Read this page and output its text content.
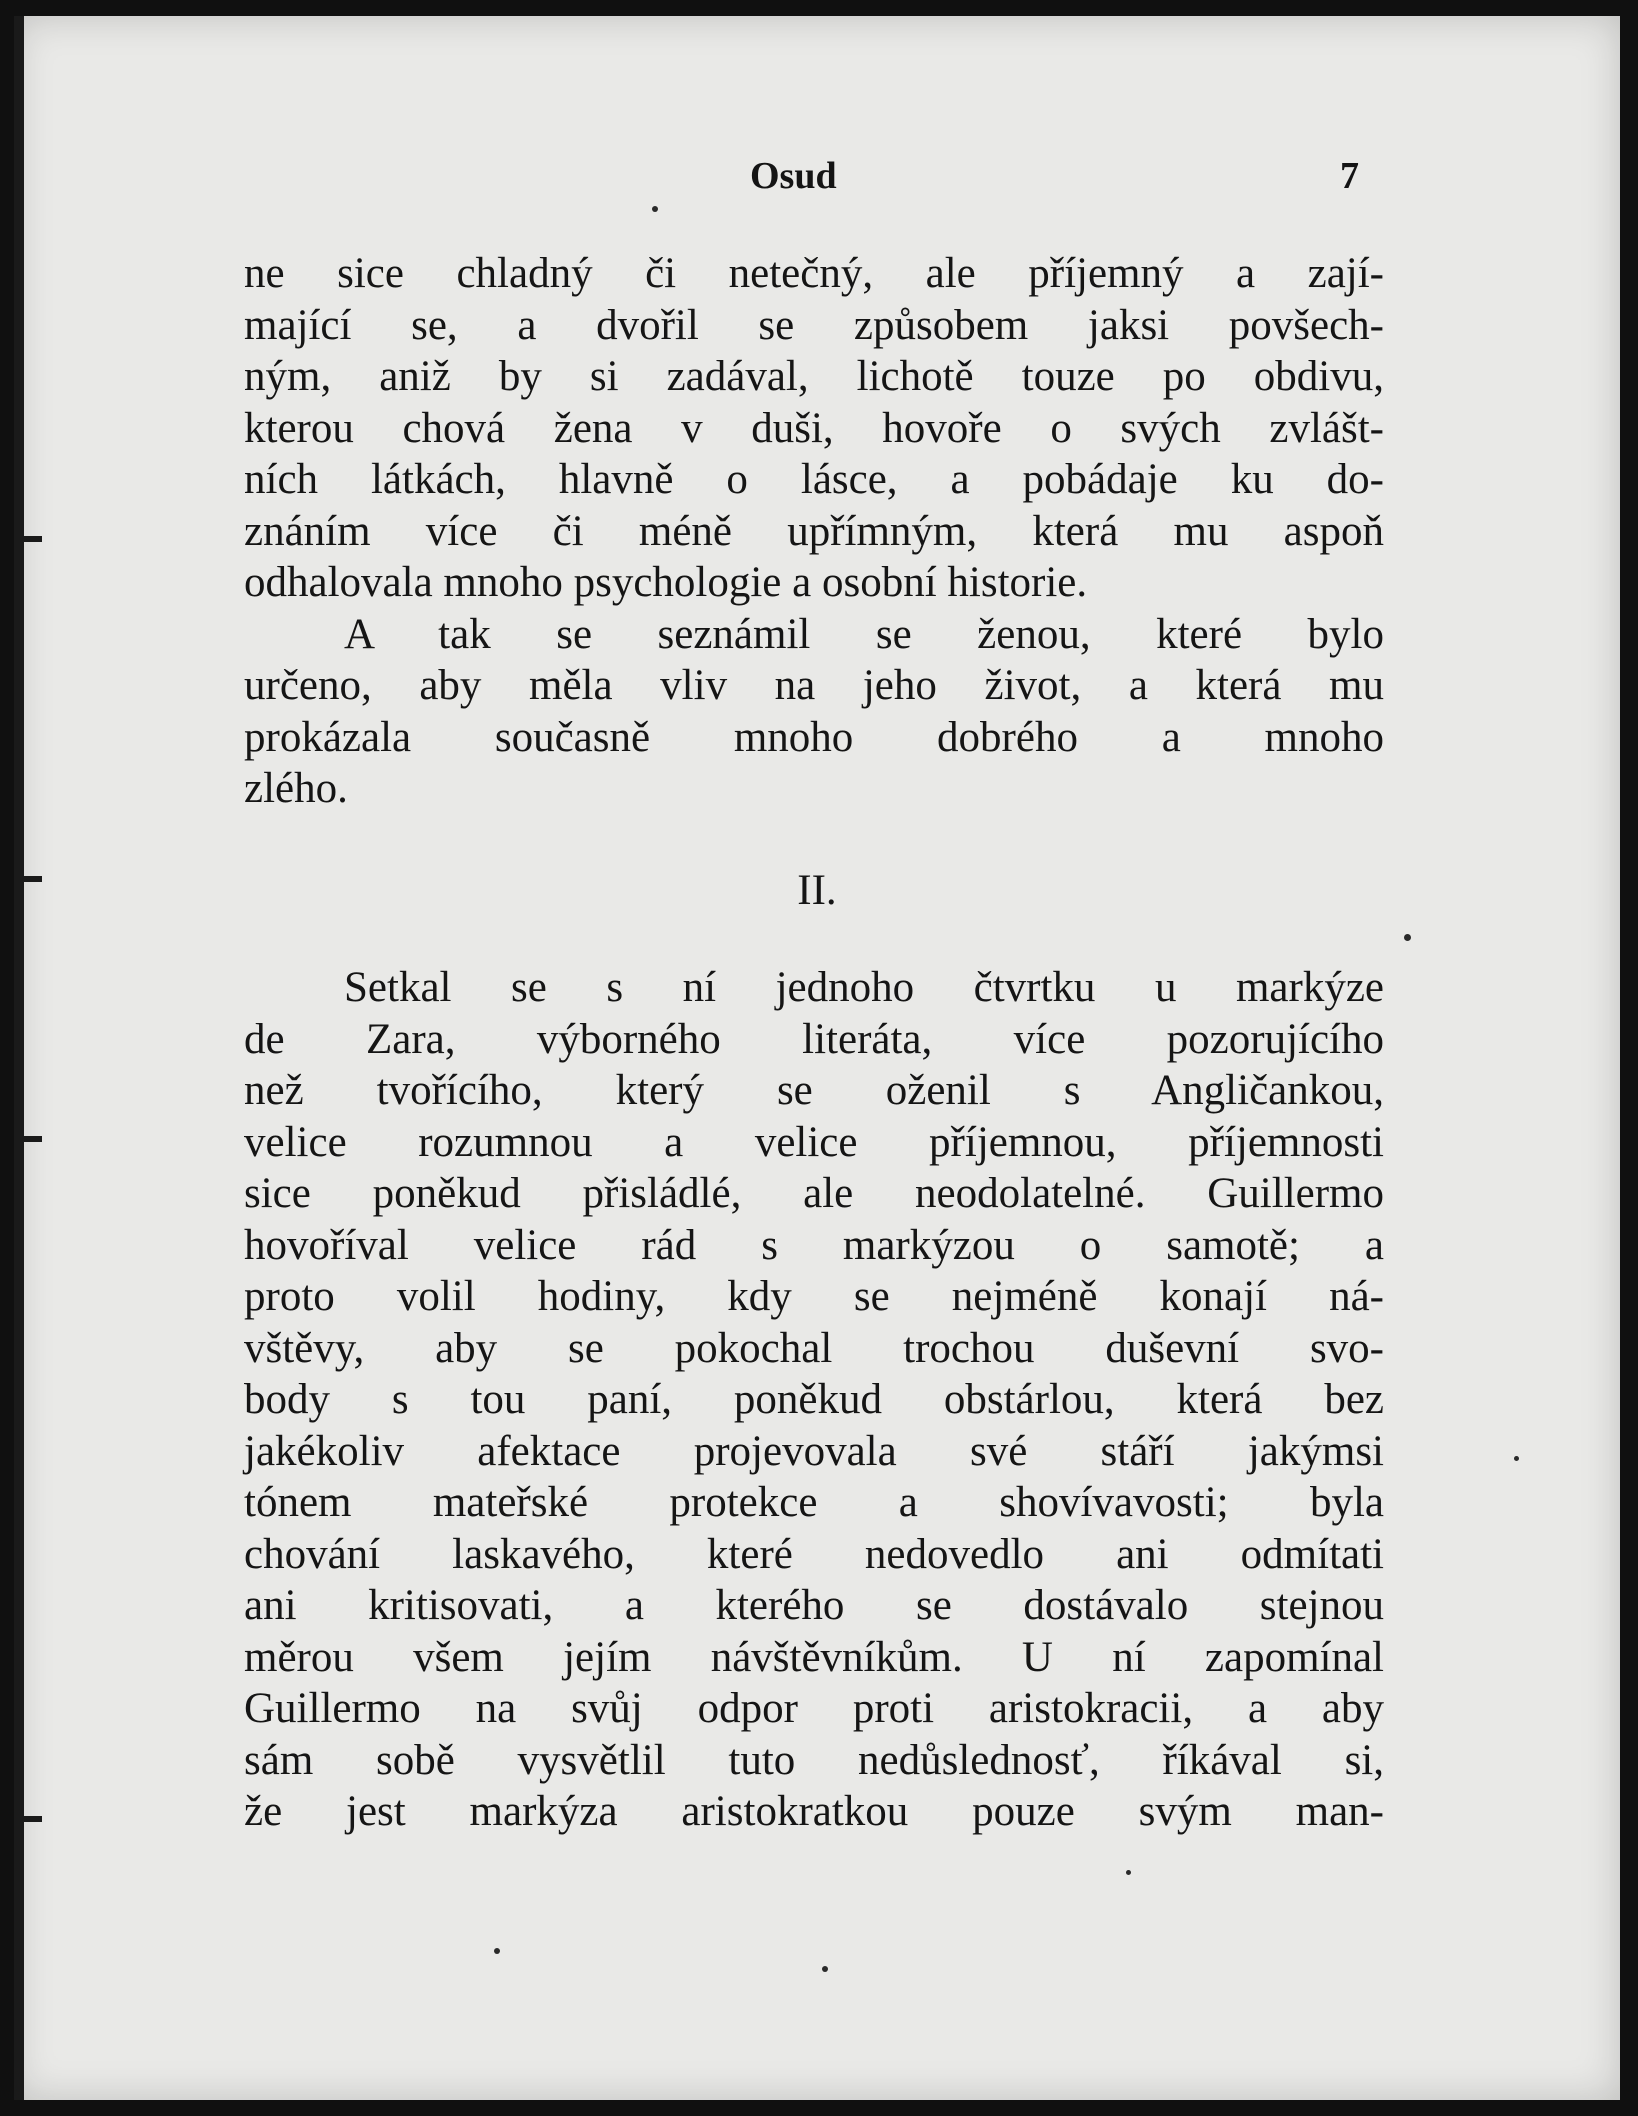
Osud	7
ne sice chladný či netečný, ale příjemný a zají-
mající se, a dvořil se způsobem jaksi povšech-
ným, aniž by si zadával, lichotě touze po obdivu,
kterou chová žena v duši, hovoře o svých zvlášt-
ních látkách, hlavně o lásce, a pobádaje ku do-
znáním více či méně upřímným, která mu aspoň
odhalovala mnoho psychologie a osobní historie.
A tak se seznámil se ženou, které bylo
určeno, aby měla vliv na jeho život, a která mu
prokázala současně mnoho dobrého a mnoho
zlého.
II.
Setkal se s ní jednoho čtvrtku u markýze
de Zara, výborného literáta, více pozorujícího
než tvořícího, který se oženil s Angličankou,
velice rozumnou a velice příjemnou, příjemnosti
sice poněkud přisládlé, ale neodolatelné. Guillermo
hovoříval velice rád s markýzou o samotě; a
proto volil hodiny, kdy se nejméně konají ná-
vštěvy, aby se pokochal trochou duševní svo-
body s tou paní, poněkud obstárlou, která bez
jakékoliv afektace projevovala své stáří jakýmsi
tónem mateřské protekce a shovívavosti; byla
chování laskavého, které nedovedlo ani odmítati
ani kritisovati, a kterého se dostávalo stejnou
měrou všem jejím návštěvníkům. U ní zapomínal
Guillermo na svůj odpor proti aristokracii, a aby
sám sobě vysvětlil tuto nedůslednosť, říkával si,
že jest markýza aristokratkou pouze svým man-
